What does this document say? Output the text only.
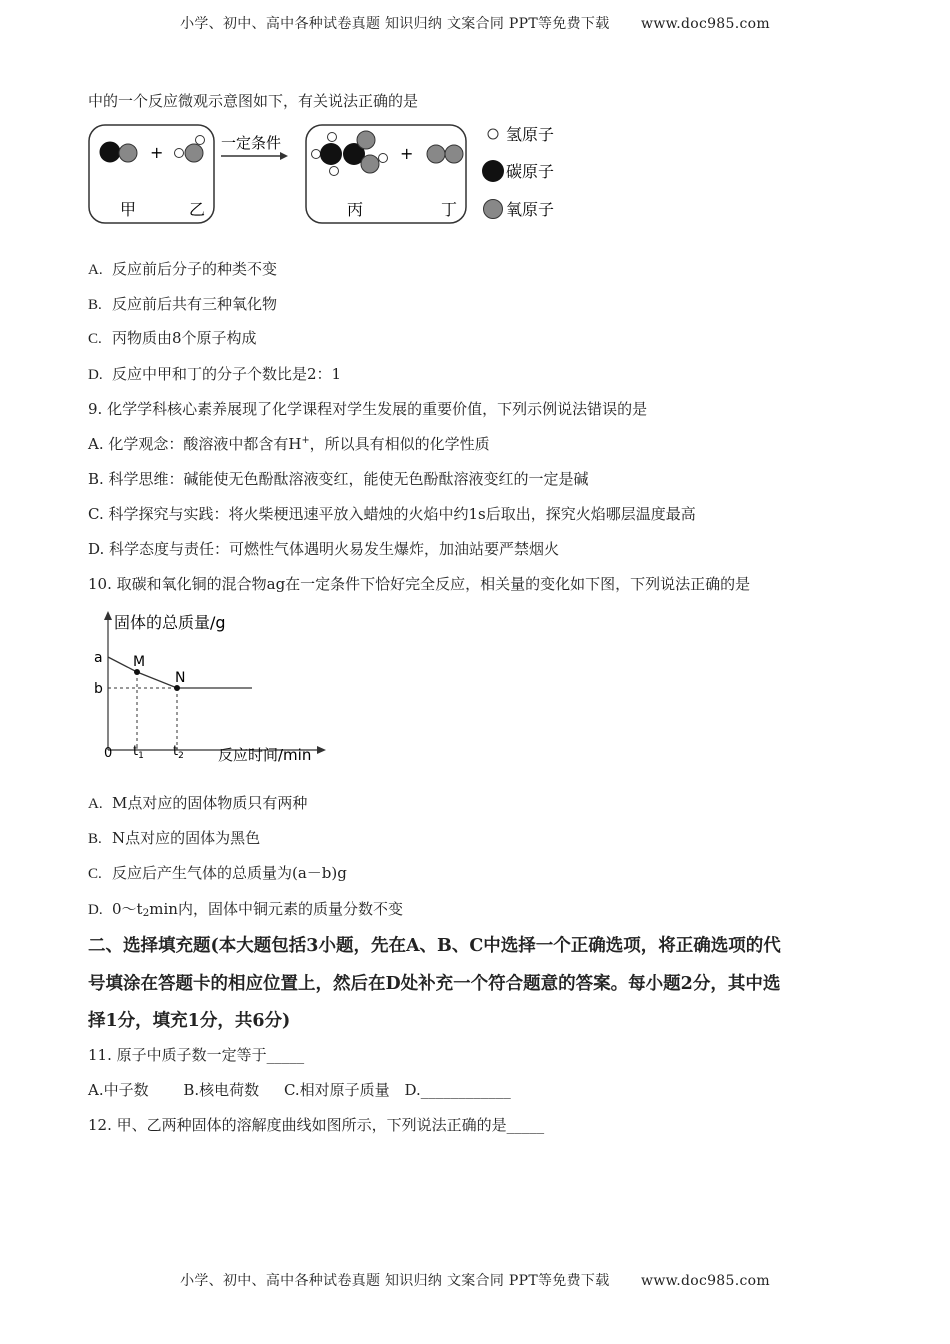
小学、初中、高中各种试卷真题 知识归纳 文案合同 PPT等免费下载 www.doc985.com
中的一个反应微观示意图如下，有关说法正确的是
+
甲	乙
一定条件
+
丙	丁
氢原子
碳原子
氧原子
A. 反应前后分子的种类不变
B. 反应前后共有三种氧化物
C. 丙物质由8个原子构成
D. 反应中甲和丁的分子个数比是2：1
9. 化学学科核心素养展现了化学课程对学生发展的重要价值，下列示例说法错误的是
A. 化学观念：酸溶液中都含有H+，所以具有相似的化学性质
B. 科学思维：碱能使无色酚酞溶液变红，能使无色酚酞溶液变红的一定是碱
C. 科学探究与实践：将火柴梗迅速平放入蜡烛的火焰中约1s后取出，探究火焰哪层温度最高
D. 科学态度与责任：可燃性气体遇明火易发生爆炸，加油站要严禁烟火
10. 取碳和氧化铜的混合物ag在一定条件下恰好完全反应，相关量的变化如下图，下列说法正确的是
固体的总质量/g
反应时间/min
0
a
b
M
N
$t_1$ $t_2$
A. M点对应的固体物质只有两种
B. N点对应的固体为黑色
C. 反应后产生气体的总质量为(a－b)g
D. 0～t2min内，固体中铜元素的质量分数不变
二、选择填充题(本大题包括3小题，先在A、B、C中选择一个正确选项，将正确选项的代
号填涂在答题卡的相应位置上，然后在D处补充一个符合题意的答案。每小题2分，其中选
择1分，填充1分，共6分)
11. 原子中质子数一定等于_____
A.中子数 B.核电荷数 C.相对原子质量 D.____________
12. 甲、乙两种固体的溶解度曲线如图所示，下列说法正确的是_____
小学、初中、高中各种试卷真题 知识归纳 文案合同 PPT等免费下载 www.doc985.com
